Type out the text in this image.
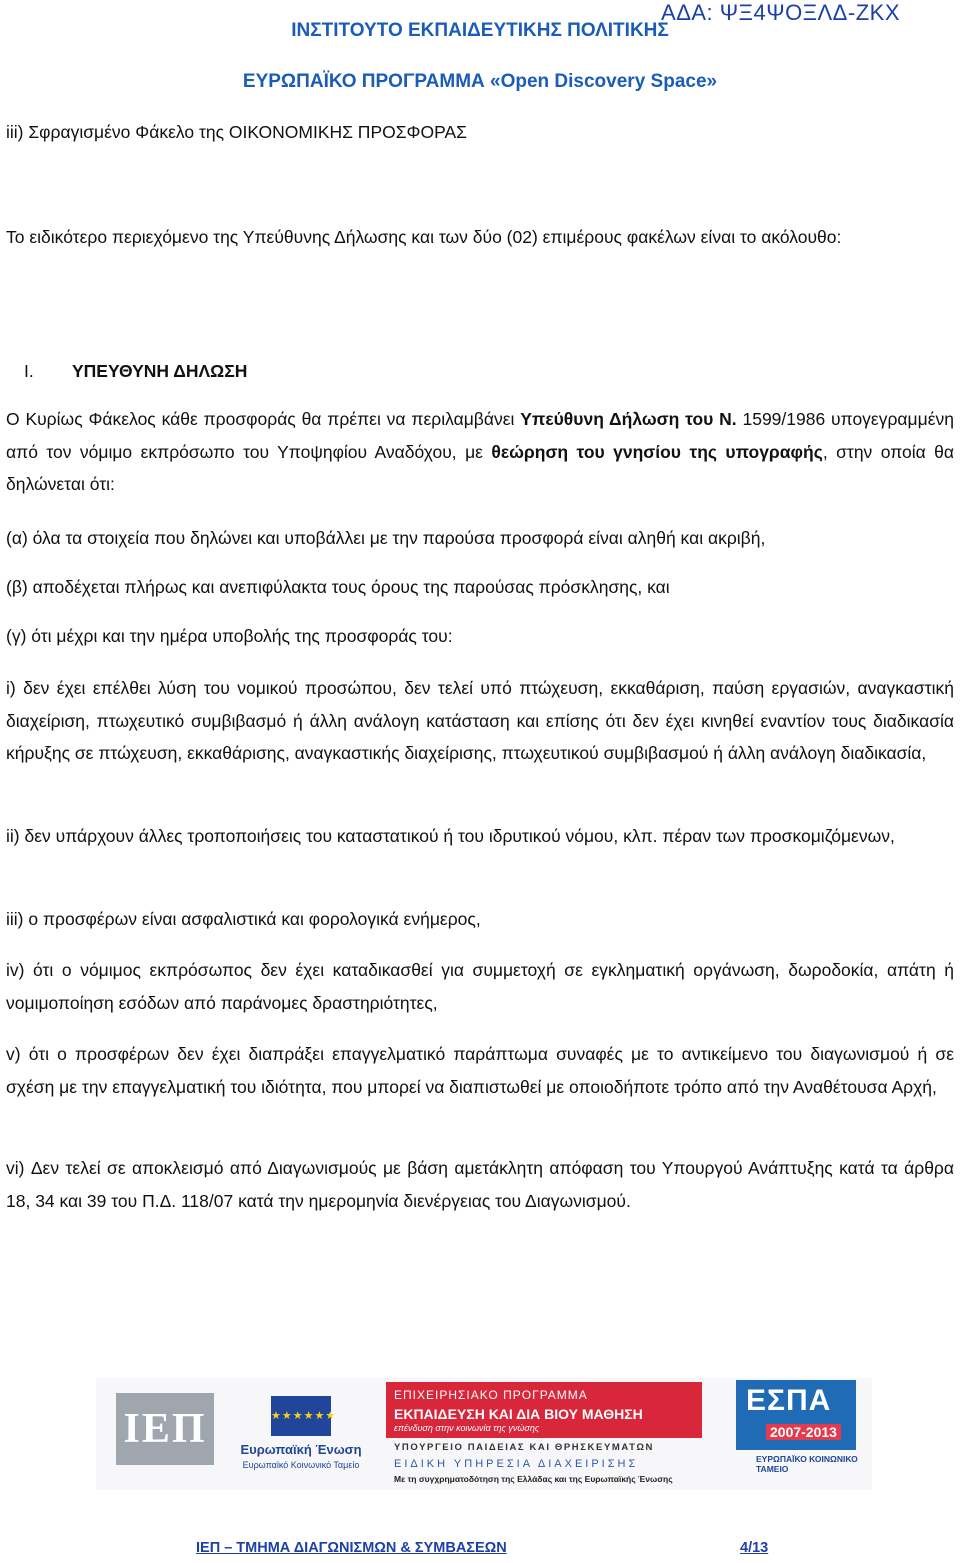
ΑΔΑ: ΨΞ4ΨΟΞΛΔ-ΖΚΧ
ΙΝΣΤΙΤΟΥΤΟ ΕΚΠΑΙΔΕΥΤΙΚΗΣ ΠΟΛΙΤΙΚΗΣ
ΕΥΡΩΠΑΪΚΟ ΠΡΟΓΡΑΜΜΑ «Open Discovery Space»
iii) Σφραγισμένο Φάκελο της ΟΙΚΟΝΟΜΙΚΗΣ ΠΡΟΣΦΟΡΑΣ
Το ειδικότερο περιεχόμενο της Υπεύθυνης Δήλωσης και των δύο (02) επιμέρους φακέλων είναι το ακόλουθο:
I. ΥΠΕΥΘΥΝΗ ΔΗΛΩΣΗ
Ο Κυρίως Φάκελος κάθε προσφοράς θα πρέπει να περιλαμβάνει Υπεύθυνη Δήλωση του Ν. 1599/1986 υπογεγραμμένη από τον νόμιμο εκπρόσωπο του Υποψηφίου Αναδόχου, με θεώρηση του γνησίου της υπογραφής, στην οποία θα δηλώνεται ότι:
(α) όλα τα στοιχεία που δηλώνει και υποβάλλει με την παρούσα προσφορά είναι αληθή και ακριβή,
(β) αποδέχεται πλήρως και ανεπιφύλακτα τους όρους της παρούσας πρόσκλησης, και
(γ) ότι μέχρι και την ημέρα υποβολής της προσφοράς του:
i) δεν έχει επέλθει λύση του νομικού προσώπου, δεν τελεί υπό πτώχευση, εκκαθάριση, παύση εργασιών, αναγκαστική διαχείριση, πτωχευτικό συμβιβασμό ή άλλη ανάλογη κατάσταση και επίσης ότι δεν έχει κινηθεί εναντίον τους διαδικασία κήρυξης σε πτώχευση, εκκαθάρισης, αναγκαστικής διαχείρισης, πτωχευτικού συμβιβασμού ή άλλη ανάλογη διαδικασία,
ii) δεν υπάρχουν άλλες τροποποιήσεις του καταστατικού ή του ιδρυτικού νόμου, κλπ. πέραν των προσκομιζόμενων,
iii) ο προσφέρων είναι ασφαλιστικά και φορολογικά ενήμερος,
iv) ότι ο νόμιμος εκπρόσωπος δεν έχει καταδικασθεί για συμμετοχή σε εγκληματική οργάνωση, δωροδοκία, απάτη ή νομιμοποίηση εσόδων από παράνομες δραστηριότητες,
v) ότι ο προσφέρων δεν έχει διαπράξει επαγγελματικό παράπτωμα συναφές με το αντικείμενο του διαγωνισμού ή σε σχέση με την επαγγελματική του ιδιότητα, που μπορεί να διαπιστωθεί με οποιοδήποτε τρόπο από την Αναθέτουσα Αρχή,
vi) Δεν τελεί σε αποκλεισμό από Διαγωνισμούς με βάση αμετάκλητη απόφαση του Υπουργού Ανάπτυξης κατά τα άρθρα 18, 34 και 39 του Π.Δ. 118/07 κατά την ημερομηνία διενέργειας του Διαγωνισμού.
ΙΕΠ	★★★★★★
Ευρωπαϊκή Ένωση
Ευρωπαϊκό Κοινωνικό Ταμείο
ΕΠΙΧΕΙΡΗΣΙΑΚΟ ΠΡΟΓΡΑΜΜΑ
ΕΚΠΑΙΔΕΥΣΗ ΚΑΙ ΔΙΑ ΒΙΟΥ ΜΑΘΗΣΗ
επένδυση στην κοινωνία της γνώσης
ΥΠΟΥΡΓΕΙΟ ΠΑΙΔΕΙΑΣ ΚΑΙ ΘΡΗΣΚΕΥΜΑΤΩΝ
ΕΙΔΙΚΗ ΥΠΗΡΕΣΙΑ ΔΙΑΧΕΙΡΙΣΗΣ
ΕΣΠΑ
2007-2013
ΕΥΡΩΠΑΪΚΟ ΚΟΙΝΩΝΙΚΟ ΤΑΜΕΙΟ
Με τη συγχρηματοδότηση της Ελλάδας και της Ευρωπαϊκής Ένωσης
ΙΕΠ – ΤΜΗΜΑ ΔΙΑΓΩΝΙΣΜΩΝ & ΣΥΜΒΑΣΕΩΝ	4/13
